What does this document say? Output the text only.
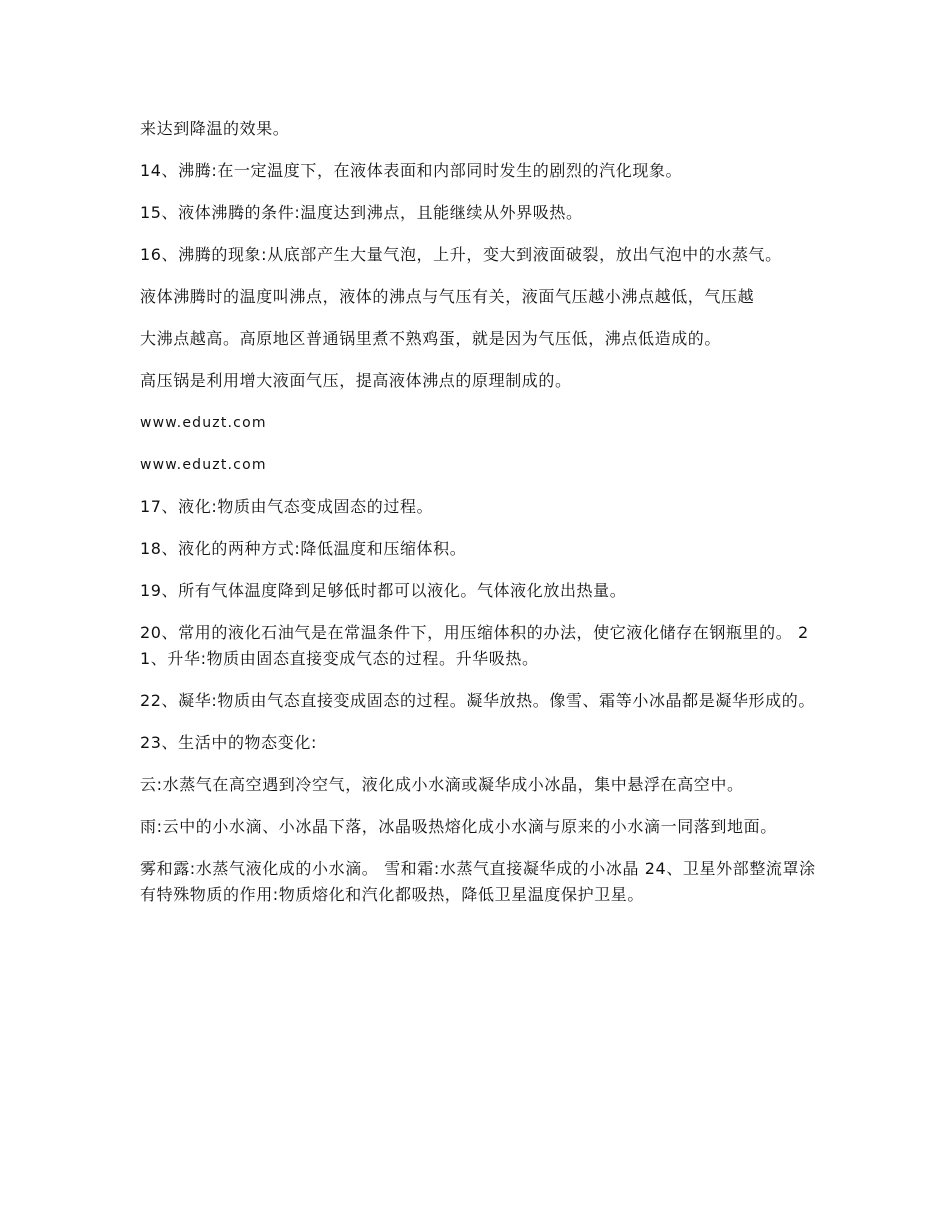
来达到降温的效果。

14、沸腾:在一定温度下，在液体表面和内部同时发生的剧烈的汽化现象。

15、液体沸腾的条件:温度达到沸点，且能继续从外界吸热。

16、沸腾的现象:从底部产生大量气泡，上升，变大到液面破裂，放出气泡中的水蒸气。

液体沸腾时的温度叫沸点，液体的沸点与气压有关，液面气压越小沸点越低，气压越

大沸点越高。高原地区普通锅里煮不熟鸡蛋，就是因为气压低，沸点低造成的。

高压锅是利用增大液面气压，提高液体沸点的原理制成的。

www.eduzt.com

www.eduzt.com

17、液化:物质由气态变成固态的过程。

18、液化的两种方式:降低温度和压缩体积。

19、所有气体温度降到足够低时都可以液化。气体液化放出热量。

20、常用的液化石油气是在常温条件下，用压缩体积的办法，使它液化储存在钢瓶里的。 21、升华:物质由固态直接变成气态的过程。升华吸热。

22、凝华:物质由气态直接变成固态的过程。凝华放热。像雪、霜等小冰晶都是凝华形成的。

23、生活中的物态变化:

云:水蒸气在高空遇到冷空气，液化成小水滴或凝华成小冰晶，集中悬浮在高空中。

雨:云中的小水滴、小冰晶下落，冰晶吸热熔化成小水滴与原来的小水滴一同落到地面。

雾和露:水蒸气液化成的小水滴。 雪和霜:水蒸气直接凝华成的小冰晶 24、卫星外部整流罩涂有特殊物质的作用:物质熔化和汽化都吸热，降低卫星温度保护卫星。
